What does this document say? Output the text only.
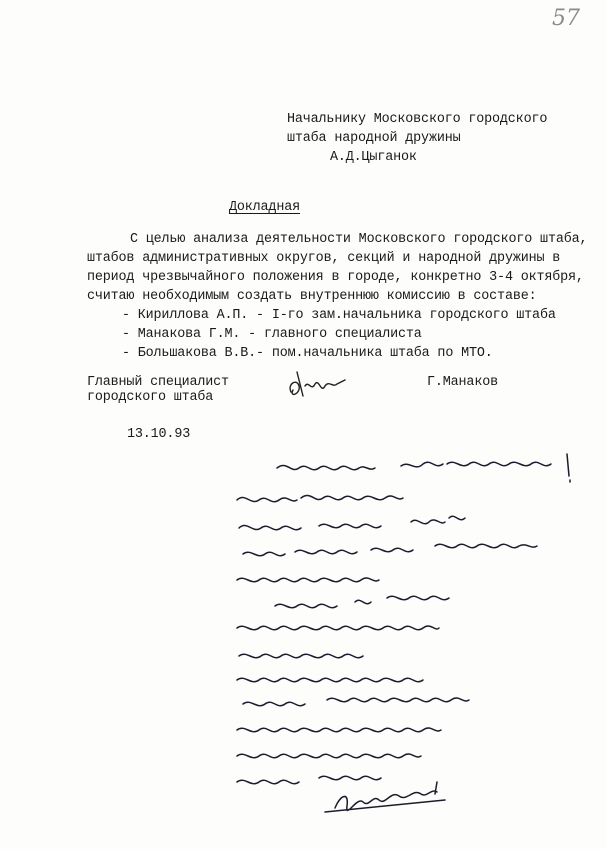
57
Начальнику Московского городского
штаба народной дружины
А.Д.Цыганок
Докладная
С целью анализа деятельности Московского городского штаба,
штабов административных округов, секций и народной дружины в
период чрезвычайного положения в городе, конкретно 3-4 октября,
считаю необходимым создать внутреннюю комиссию в составе:
- Кириллова А.П. - I-го зам.начальника городского штаба
- Манакова Г.М. - главного специалиста
- Большакова В.В.- пом.начальника штаба по МТО.
Главный специалист
городского штаба
Г.Манаков
13.10.93
